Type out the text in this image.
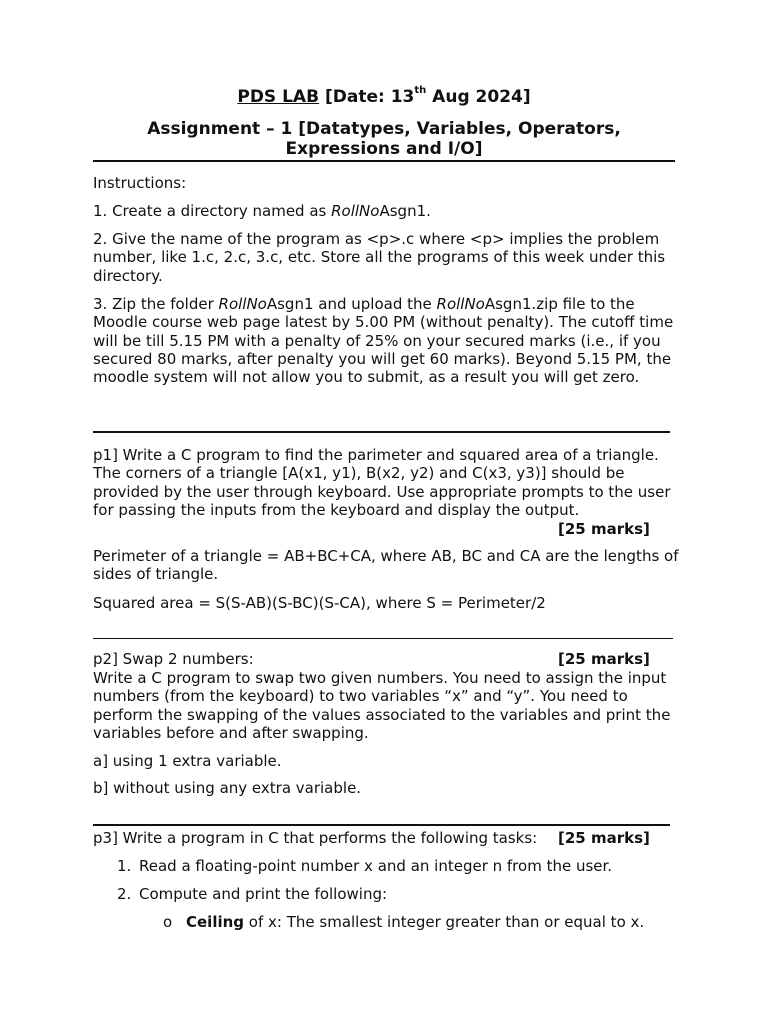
PDS LAB [Date: 13th Aug 2024]
Assignment – 1 [Datatypes, Variables, Operators,
Expressions and I/O]
Instructions:
1. Create a directory named as RollNoAsgn1.

2. Give the name of the program as <p>.c where <p> implies the problem number, like 1.c, 2.c, 3.c, etc. Store all the programs of this week under this directory.

3. Zip the folder RollNoAsgn1 and upload the RollNoAsgn1.zip file to the Moodle course web page latest by 5.00 PM (without penalty). The cutoff time will be till 5.15 PM with a penalty of 25% on your secured marks (i.e., if you secured 80 marks, after penalty you will get 60 marks). Beyond 5.15 PM, the moodle system will not allow you to submit, as a result you will get zero.

p1] Write a C program to find the parimeter and squared area of a triangle. The corners of a triangle [A(x1, y1), B(x2, y2) and C(x3, y3)] should be provided by the user through keyboard. Use appropriate prompts to the user for passing the inputs from the keyboard and display the output.

[25 marks]

Perimeter of a triangle = AB+BC+CA, where AB, BC and CA are the lengths of sides of triangle.

Squared area = S(S-AB)(S-BC)(S-CA), where S = Perimeter/2
p2] Swap 2 numbers:	[25 marks]

Write a C program to swap two given numbers. You need to assign the input numbers (from the keyboard) to two variables “x” and “y”. You need to perform the swapping of the values associated to the variables and print the variables before and after swapping.

a] using 1 extra variable.
b] without using any extra variable.
p3] Write a program in C that performs the following tasks:	[25 marks]
1. Read a floating-point number x and an integer n from the user.
2. Compute and print the following:
o Ceiling of x: The smallest integer greater than or equal to x.
